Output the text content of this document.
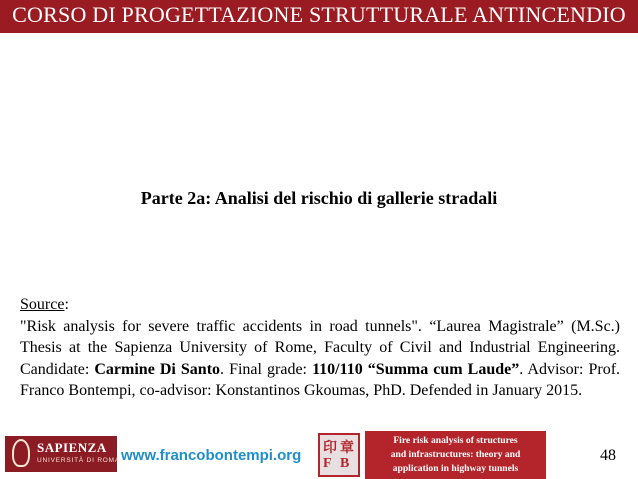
CORSO DI PROGETTAZIONE STRUTTURALE ANTINCENDIO
Parte 2a: Analisi del rischio di gallerie stradali
Source:
"Risk analysis for severe traffic accidents in road tunnels". “Laurea Magistrale” (M.Sc.) Thesis at the Sapienza University of Rome, Faculty of Civil and Industrial Engineering. Candidate: Carmine Di Santo. Final grade: 110/110 “Summa cum Laude”. Advisor: Prof. Franco Bontempi, co-advisor: Konstantinos Gkoumas, PhD. Defended in January 2015.
SAPIENZA
UNIVERSITÀ DI ROMA www.francobontempi.org 印 章
F B
Fire risk analysis of structures
and infrastructures: theory and
application in highway tunnels
48
